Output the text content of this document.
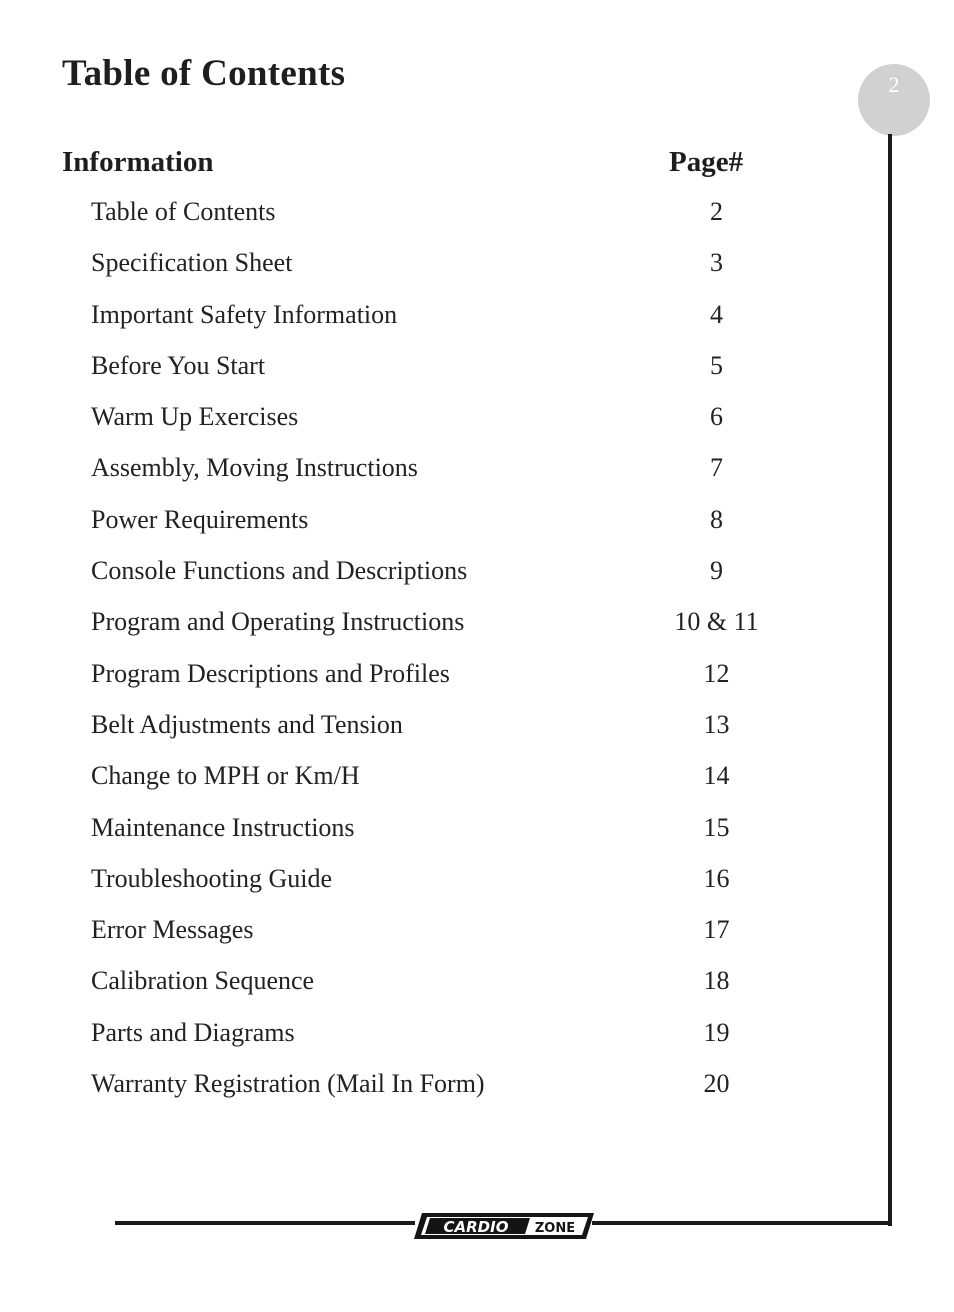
Table of Contents	2
Information	Page#
Table of Contents	2
Specification Sheet	3
Important Safety Information	4
Before You Start	5
Warm Up Exercises	6
Assembly, Moving Instructions	7
Power Requirements	8
Console Functions and Descriptions	9
Program and Operating Instructions	10 & 11
Program Descriptions and Profiles	12
Belt Adjustments and Tension	13
Change to MPH or Km/H	14
Maintenance Instructions	15
Troubleshooting Guide	16
Error Messages	17
Calibration Sequence	18
Parts and Diagrams	19
Warranty Registration (Mail In Form)	20
CARDIO ZONE
